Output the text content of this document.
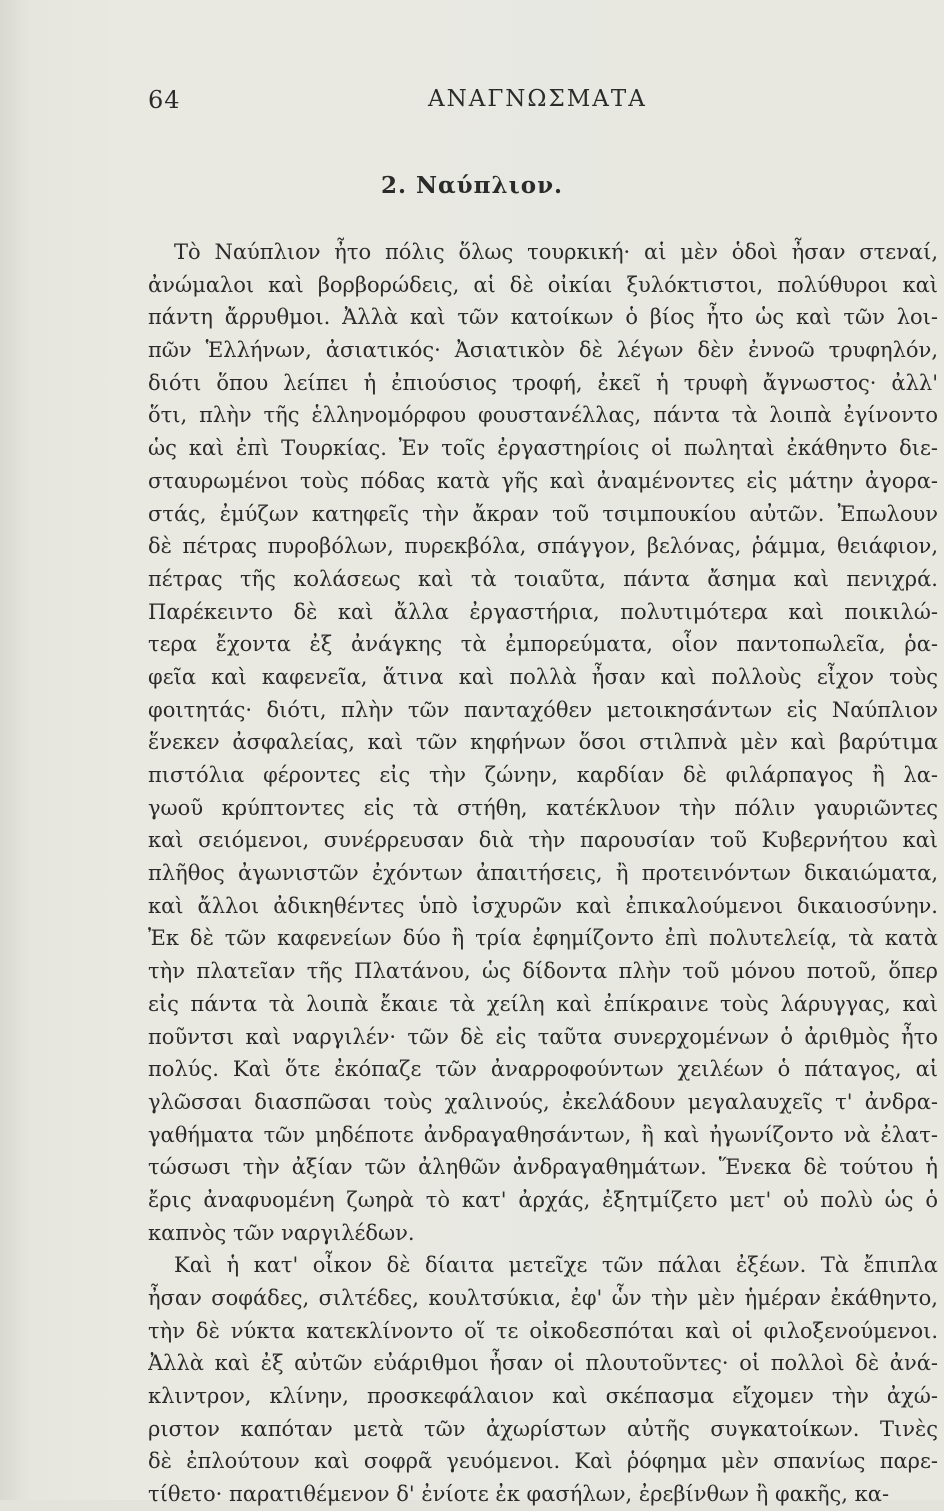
64	ΑΝΑΓΝΩΣΜΑΤΑ
2. Ναύπλιον.
Τὸ Ναύπλιον ἦτο πόλις ὅλως τουρκική· αἱ μὲν ὁδοὶ ἦσαν στεναί,
ἀνώμαλοι καὶ βορβορώδεις, αἱ δὲ οἰκίαι ξυλόκτιστοι, πολύθυροι καὶ
πάντη ἄρρυθμοι. Ἀλλὰ καὶ τῶν κατοίκων ὁ βίος ἦτο ὡς καὶ τῶν λοι-
πῶν Ἑλλήνων, ἀσιατικός· Ἀσιατικὸν δὲ λέγων δὲν ἐννοῶ τρυφηλόν,
διότι ὅπου λείπει ἡ ἐπιούσιος τροφή, ἐκεῖ ἡ τρυφὴ ἄγνωστος· ἀλλ'
ὅτι, πλὴν τῆς ἑλληνομόρφου φουστανέλλας, πάντα τὰ λοιπὰ ἐγίνοντο
ὡς καὶ ἐπὶ Τουρκίας. Ἐν τοῖς ἐργαστηρίοις οἱ πωληταὶ ἐκάθηντο διε-
σταυρωμένοι τοὺς πόδας κατὰ γῆς καὶ ἀναμένοντες εἰς μάτην ἀγορα-
στάς, ἐμύζων κατηφεῖς τὴν ἄκραν τοῦ τσιμπουκίου αὐτῶν. Ἐπωλουν
δὲ πέτρας πυροβόλων, πυρεκβόλα, σπάγγον, βελόνας, ῥάμμα, θειάφιον,
πέτρας τῆς κολάσεως καὶ τὰ τοιαῦτα, πάντα ἄσημα καὶ πενιχρά.
Παρέκειντο δὲ καὶ ἄλλα ἐργαστήρια, πολυτιμότερα καὶ ποικιλώ-
τερα ἔχοντα ἐξ ἀνάγκης τὰ ἐμπορεύματα, οἷον παντοπωλεῖα, ῥα-
φεῖα καὶ καφενεῖα, ἅτινα καὶ πολλὰ ἦσαν καὶ πολλοὺς εἶχον τοὺς
φοιτητάς· διότι, πλὴν τῶν πανταχόθεν μετοικησάντων εἰς Ναύπλιον
ἕνεκεν ἀσφαλείας, καὶ τῶν κηφήνων ὅσοι στιλπνὰ μὲν καὶ βαρύτιμα
πιστόλια φέροντες εἰς τὴν ζώνην, καρδίαν δὲ φιλάρπαγος ἢ λα-
γωοῦ κρύπτοντες εἰς τὰ στήθη, κατέκλυον τὴν πόλιν γαυριῶντες
καὶ σειόμενοι, συνέρρευσαν διὰ τὴν παρουσίαν τοῦ Κυβερνήτου καὶ
πλῆθος ἀγωνιστῶν ἐχόντων ἀπαιτήσεις, ἢ προτεινόντων δικαιώματα,
καὶ ἄλλοι ἀδικηθέντες ὑπὸ ἰσχυρῶν καὶ ἐπικαλούμενοι δικαιοσύνην.
Ἐκ δὲ τῶν καφενείων δύο ἢ τρία ἐφημίζοντο ἐπὶ πολυτελείᾳ, τὰ κατὰ
τὴν πλατεῖαν τῆς Πλατάνου, ὡς δίδοντα πλὴν τοῦ μόνου ποτοῦ, ὅπερ
εἰς πάντα τὰ λοιπὰ ἔκαιε τὰ χείλη καὶ ἐπίκραινε τοὺς λάρυγγας, καὶ
ποῦντσι καὶ ναργιλέν· τῶν δὲ εἰς ταῦτα συνερχομένων ὁ ἀριθμὸς ἦτο
πολύς. Καὶ ὅτε ἐκόπαζε τῶν ἀναρροφούντων χειλέων ὁ πάταγος, αἱ
γλῶσσαι διασπῶσαι τοὺς χαλινούς, ἐκελάδουν μεγαλαυχεῖς τ' ἀνδρα-
γαθήματα τῶν μηδέποτε ἀνδραγαθησάντων, ἢ καὶ ἠγωνίζοντο νὰ ἐλατ-
τώσωσι τὴν ἀξίαν τῶν ἀληθῶν ἀνδραγαθημάτων. Ἕνεκα δὲ τούτου ἡ
ἔρις ἀναφυομένη ζωηρὰ τὸ κατ' ἀρχάς, ἐξητμίζετο μετ' οὐ πολὺ ὡς ὁ
καπνὸς τῶν ναργιλέδων.
Καὶ ἡ κατ' οἶκον δὲ δίαιτα μετεῖχε τῶν πάλαι ἐξέων. Τὰ ἔπιπλα
ἦσαν σοφάδες, σιλτέδες, κουλτσύκια, ἐφ' ὧν τὴν μὲν ἡμέραν ἐκάθηντο,
τὴν δὲ νύκτα κατεκλίνοντο οἵ τε οἰκοδεσπόται καὶ οἱ φιλοξενούμενοι.
Ἀλλὰ καὶ ἐξ αὐτῶν εὐάριθμοι ἦσαν οἱ πλουτοῦντες· οἱ πολλοὶ δὲ ἀνά-
κλιντρον, κλίνην, προσκεφάλαιον καὶ σκέπασμα εἴχομεν τὴν ἀχώ-
ριστον καπόταν μετὰ τῶν ἀχωρίστων αὐτῆς συγκατοίκων. Τινὲς
δὲ ἐπλούτουν καὶ σοφρᾶ γευόμενοι. Καὶ ῥόφημα μὲν σπανίως παρε-
τίθετο· παρατιθέμενον δ' ἐνίοτε ἐκ φασήλων, ἐρεβίνθων ἢ φακῆς, κα-
